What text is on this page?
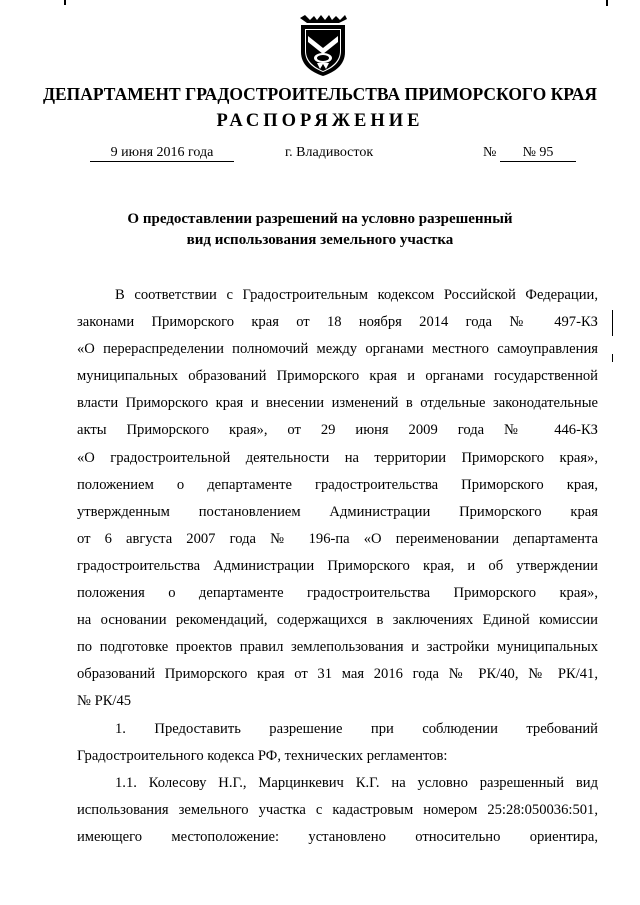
ДЕПАРТАМЕНТ ГРАДОСТРОИТЕЛЬСТВА ПРИМОРСКОГО КРАЯ
РАСПОРЯЖЕНИЕ
9 июня 2016 года	г. Владивосток	№	№ 95
О предоставлении разрешений на условно разрешенный
вид использования земельного участка
В соответствии с Градостроительным кодексом Российской Федерации,
законами Приморского края от 18 ноября 2014 года № 497-КЗ
«О перераспределении полномочий между органами местного самоуправления
муниципальных образований Приморского края и органами государственной
власти Приморского края и внесении изменений в отдельные законодательные
акты Приморского края», от 29 июня 2009 года № 446-КЗ
«О градостроительной деятельности на территории Приморского края»,
положением о департаменте градостроительства Приморского края,
утвержденным постановлением Администрации Приморского края
от 6 августа 2007 года № 196-па «О переименовании департамента
градостроительства Администрации Приморского края, и об утверждении
положения о департаменте градостроительства Приморского края»,
на основании рекомендаций, содержащихся в заключениях Единой комиссии
по подготовке проектов правил землепользования и застройки муниципальных
образований Приморского края от 31 мая 2016 года № РК/40, № РК/41,
№ РК/45
1. Предоставить разрешение при соблюдении требований
Градостроительного кодекса РФ, технических регламентов:
1.1. Колесову Н.Г., Марцинкевич К.Г. на условно разрешенный вид
использования земельного участка с кадастровым номером 25:28:050036:501,
имеющего местоположение: установлено относительно ориентира,
